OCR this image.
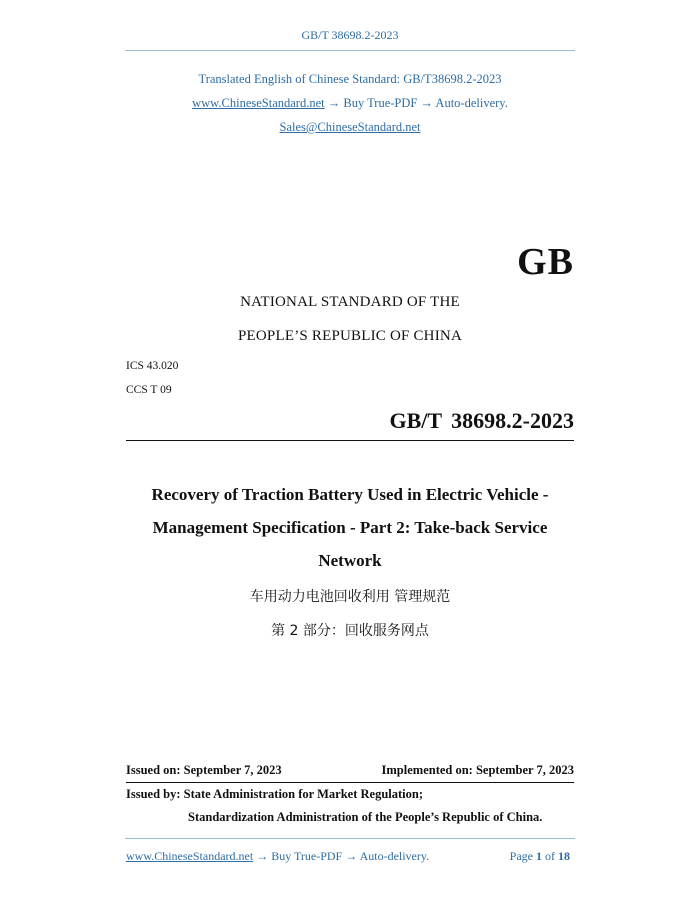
GB/T 38698.2-2023
Translated English of Chinese Standard: GB/T38698.2-2023
www.ChineseStandard.net → Buy True-PDF → Auto-delivery.
Sales@ChineseStandard.net
GB
NATIONAL STANDARD OF THE
PEOPLE’S REPUBLIC OF CHINA
ICS 43.020
CCS T 09
GB/T 38698.2-2023
Recovery of Traction Battery Used in Electric Vehicle -
Management Specification - Part 2: Take-back Service
Network
车用动力电池回收利用 管理规范
第 2 部分：回收服务网点
Issued on: September 7, 2023	Implemented on: September 7, 2023
Issued by: State Administration for Market Regulation;
Standardization Administration of the People’s Republic of China.
www.ChineseStandard.net → Buy True-PDF → Auto-delivery.	Page 1 of 18
